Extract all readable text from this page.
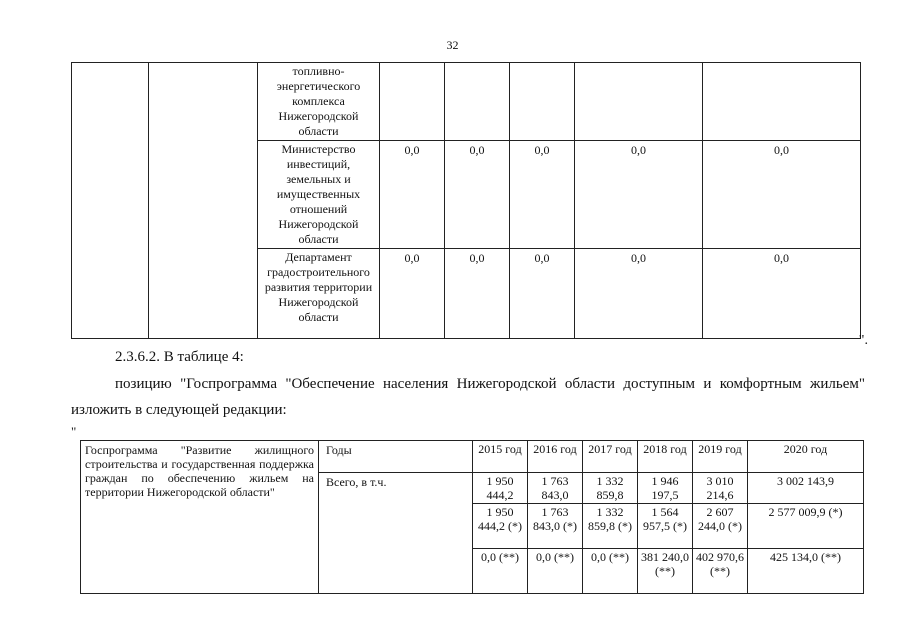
32
		топливно-энергетического комплекса Нижегородской области					
		Министерство инвестиций, земельных и имущественных отношений Нижегородской области	0,0	0,0	0,0	0,0	0,0
		Департамент градостроительного развития территории Нижегородской области	0,0	0,0	0,0	0,0	0,0
".
2.3.6.2. В таблице 4:
позицию "Госпрограмма "Обеспечение населения Нижегородской области доступным и комфортным жильем"
изложить в следующей редакции:
"
Госпрограмма "Развитие жилищного строительства и государственная поддержка граждан по обеспечению жильем на территории Нижегородской области"	Годы	2015 год	2016 год	2017 год	2018 год	2019 год	2020 год
	Всего, в т.ч.	1 950 444,2	1 763 843,0	1 332 859,8	1 946 197,5	3 010 214,6	3 002 143,9
		1 950 444,2 (*)	1 763 843,0 (*)	1 332 859,8 (*)	1 564 957,5 (*)	2 607 244,0 (*)	2 577 009,9 (*)
		0,0 (**)	0,0 (**)	0,0 (**)	381 240,0 (**)	402 970,6 (**)	425 134,0 (**)
